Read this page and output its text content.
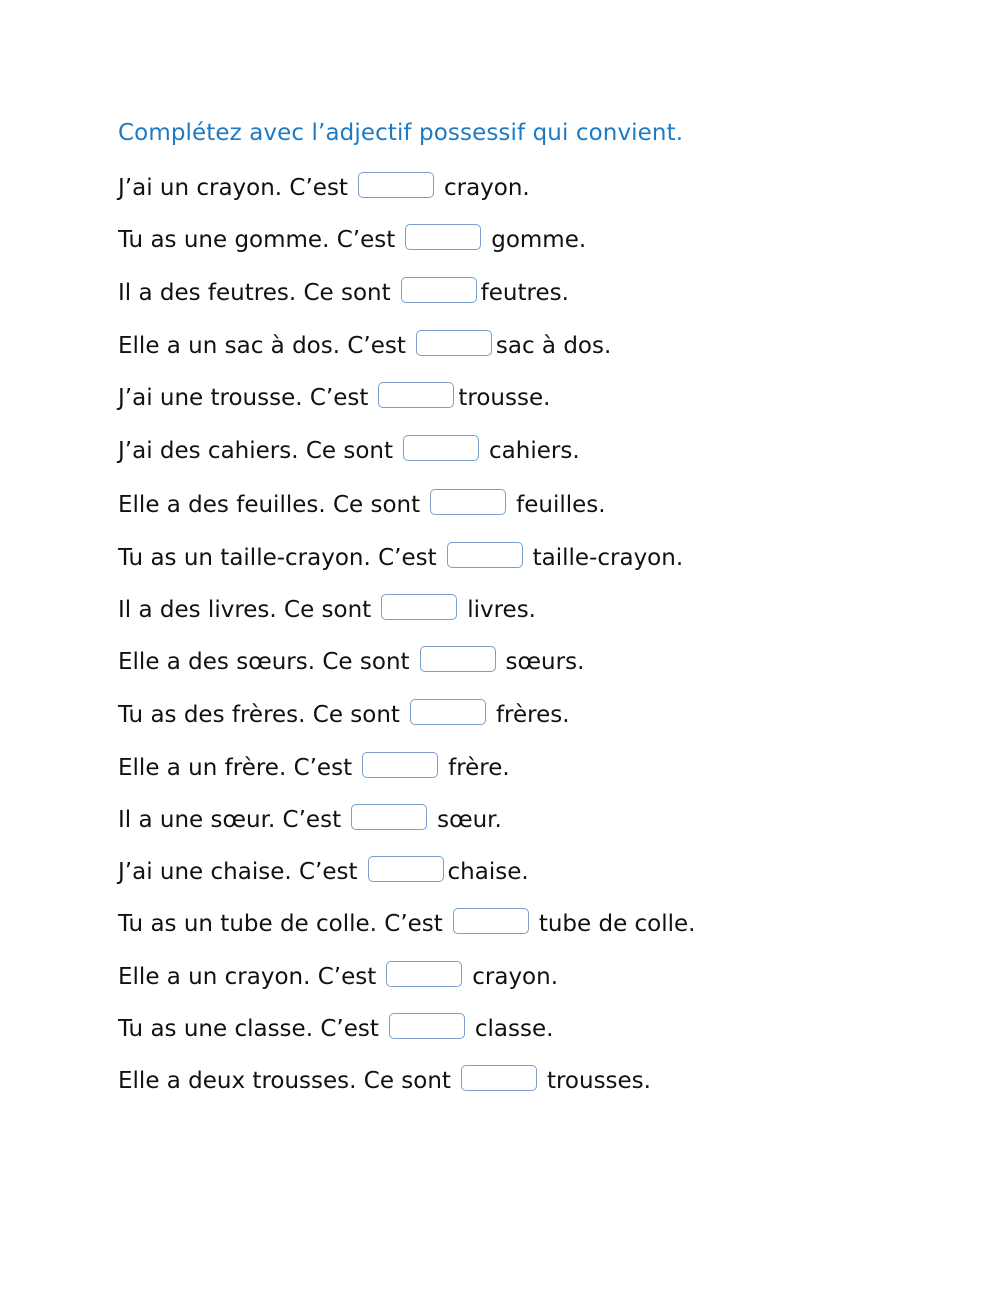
Complétez avec l’adjectif possessif qui convient.
J’ai un crayon. C’est	crayon.
Tu as une gomme. C’est	gomme.
Il a des feutres. Ce sont	feutres.
Elle a un sac à dos. C’est	sac à dos.
J’ai une trousse. C’est	trousse.
J’ai des cahiers. Ce sont	cahiers.
Elle a des feuilles. Ce sont	feuilles.
Tu as un taille-crayon. C’est	taille-crayon.
Il a des livres. Ce sont	livres.
Elle a des sœurs. Ce sont	sœurs.
Tu as des frères. Ce sont	frères.
Elle a un frère. C’est	frère.
Il a une sœur. C’est	sœur.
J’ai une chaise. C’est	chaise.
Tu as un tube de colle. C’est	tube de colle.
Elle a un crayon. C’est	crayon.
Tu as une classe. C’est	classe.
Elle a deux trousses. Ce sont	trousses.
